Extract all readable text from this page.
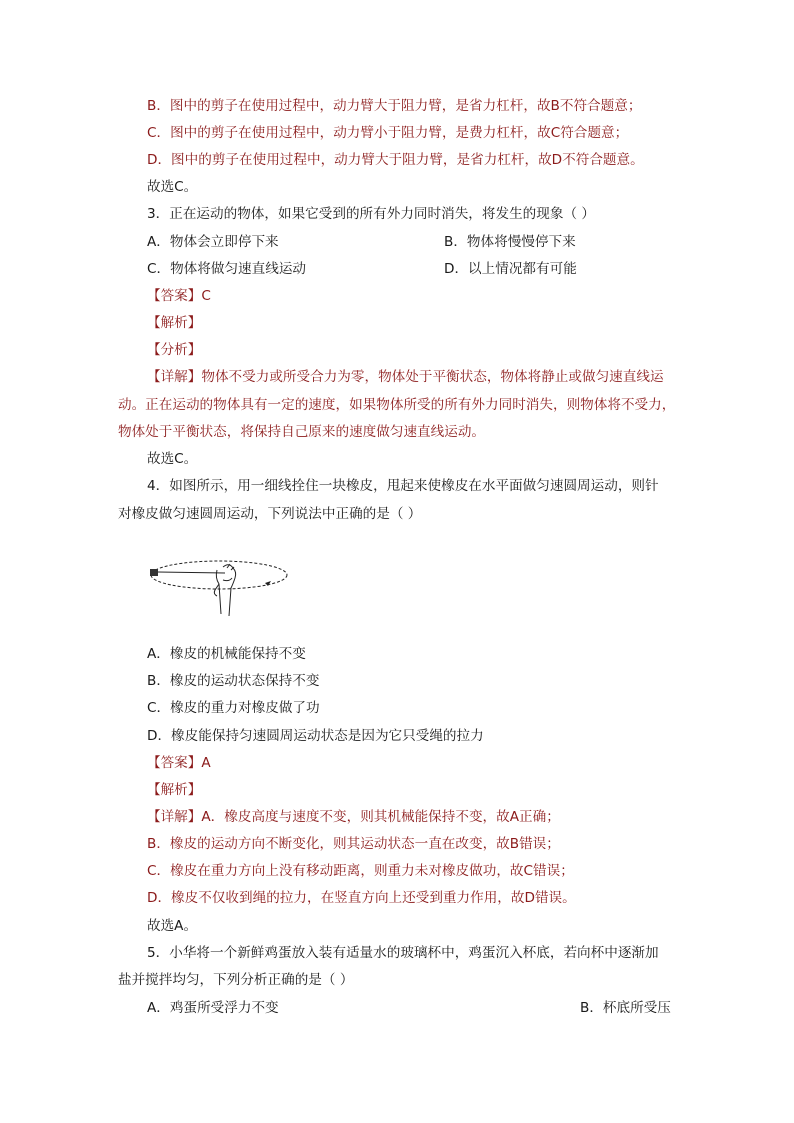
B．图中的剪子在使用过程中，动力臂大于阻力臂，是省力杠杆，故B不符合题意；
C．图中的剪子在使用过程中，动力臂小于阻力臂，是费力杠杆，故C符合题意；
D．图中的剪子在使用过程中，动力臂大于阻力臂，是省力杠杆，故D不符合题意。
故选C。
3．正在运动的物体，如果它受到的所有外力同时消失，将发生的现象（ ）
A．物体会立即停下来	B．物体将慢慢停下来
C．物体将做匀速直线运动	D．以上情况都有可能
【答案】C
【解析】
【分析】
【详解】物体不受力或所受合力为零，物体处于平衡状态，物体将静止或做匀速直线运
动。正在运动的物体具有一定的速度，如果物体所受的所有外力同时消失，则物体将不受力，
物体处于平衡状态，将保持自己原来的速度做匀速直线运动。
故选C。
4．如图所示，用一细线拴住一块橡皮，甩起来使橡皮在水平面做匀速圆周运动，则针
对橡皮做匀速圆周运动，下列说法中正确的是（ ）
A．橡皮的机械能保持不变
B．橡皮的运动状态保持不变
C．橡皮的重力对橡皮做了功
D．橡皮能保持匀速圆周运动状态是因为它只受绳的拉力
【答案】A
【解析】
【详解】A．橡皮高度与速度不变，则其机械能保持不变，故A正确；
B．橡皮的运动方向不断变化，则其运动状态一直在改变，故B错误；
C．橡皮在重力方向上没有移动距离，则重力未对橡皮做功，故C错误；
D．橡皮不仅收到绳的拉力，在竖直方向上还受到重力作用，故D错误。
故选A。
5．小华将一个新鲜鸡蛋放入装有适量水的玻璃杯中，鸡蛋沉入杯底，若向杯中逐渐加
盐并搅拌均匀，下列分析正确的是（ ）
A．鸡蛋所受浮力不变	B．杯底所受压
